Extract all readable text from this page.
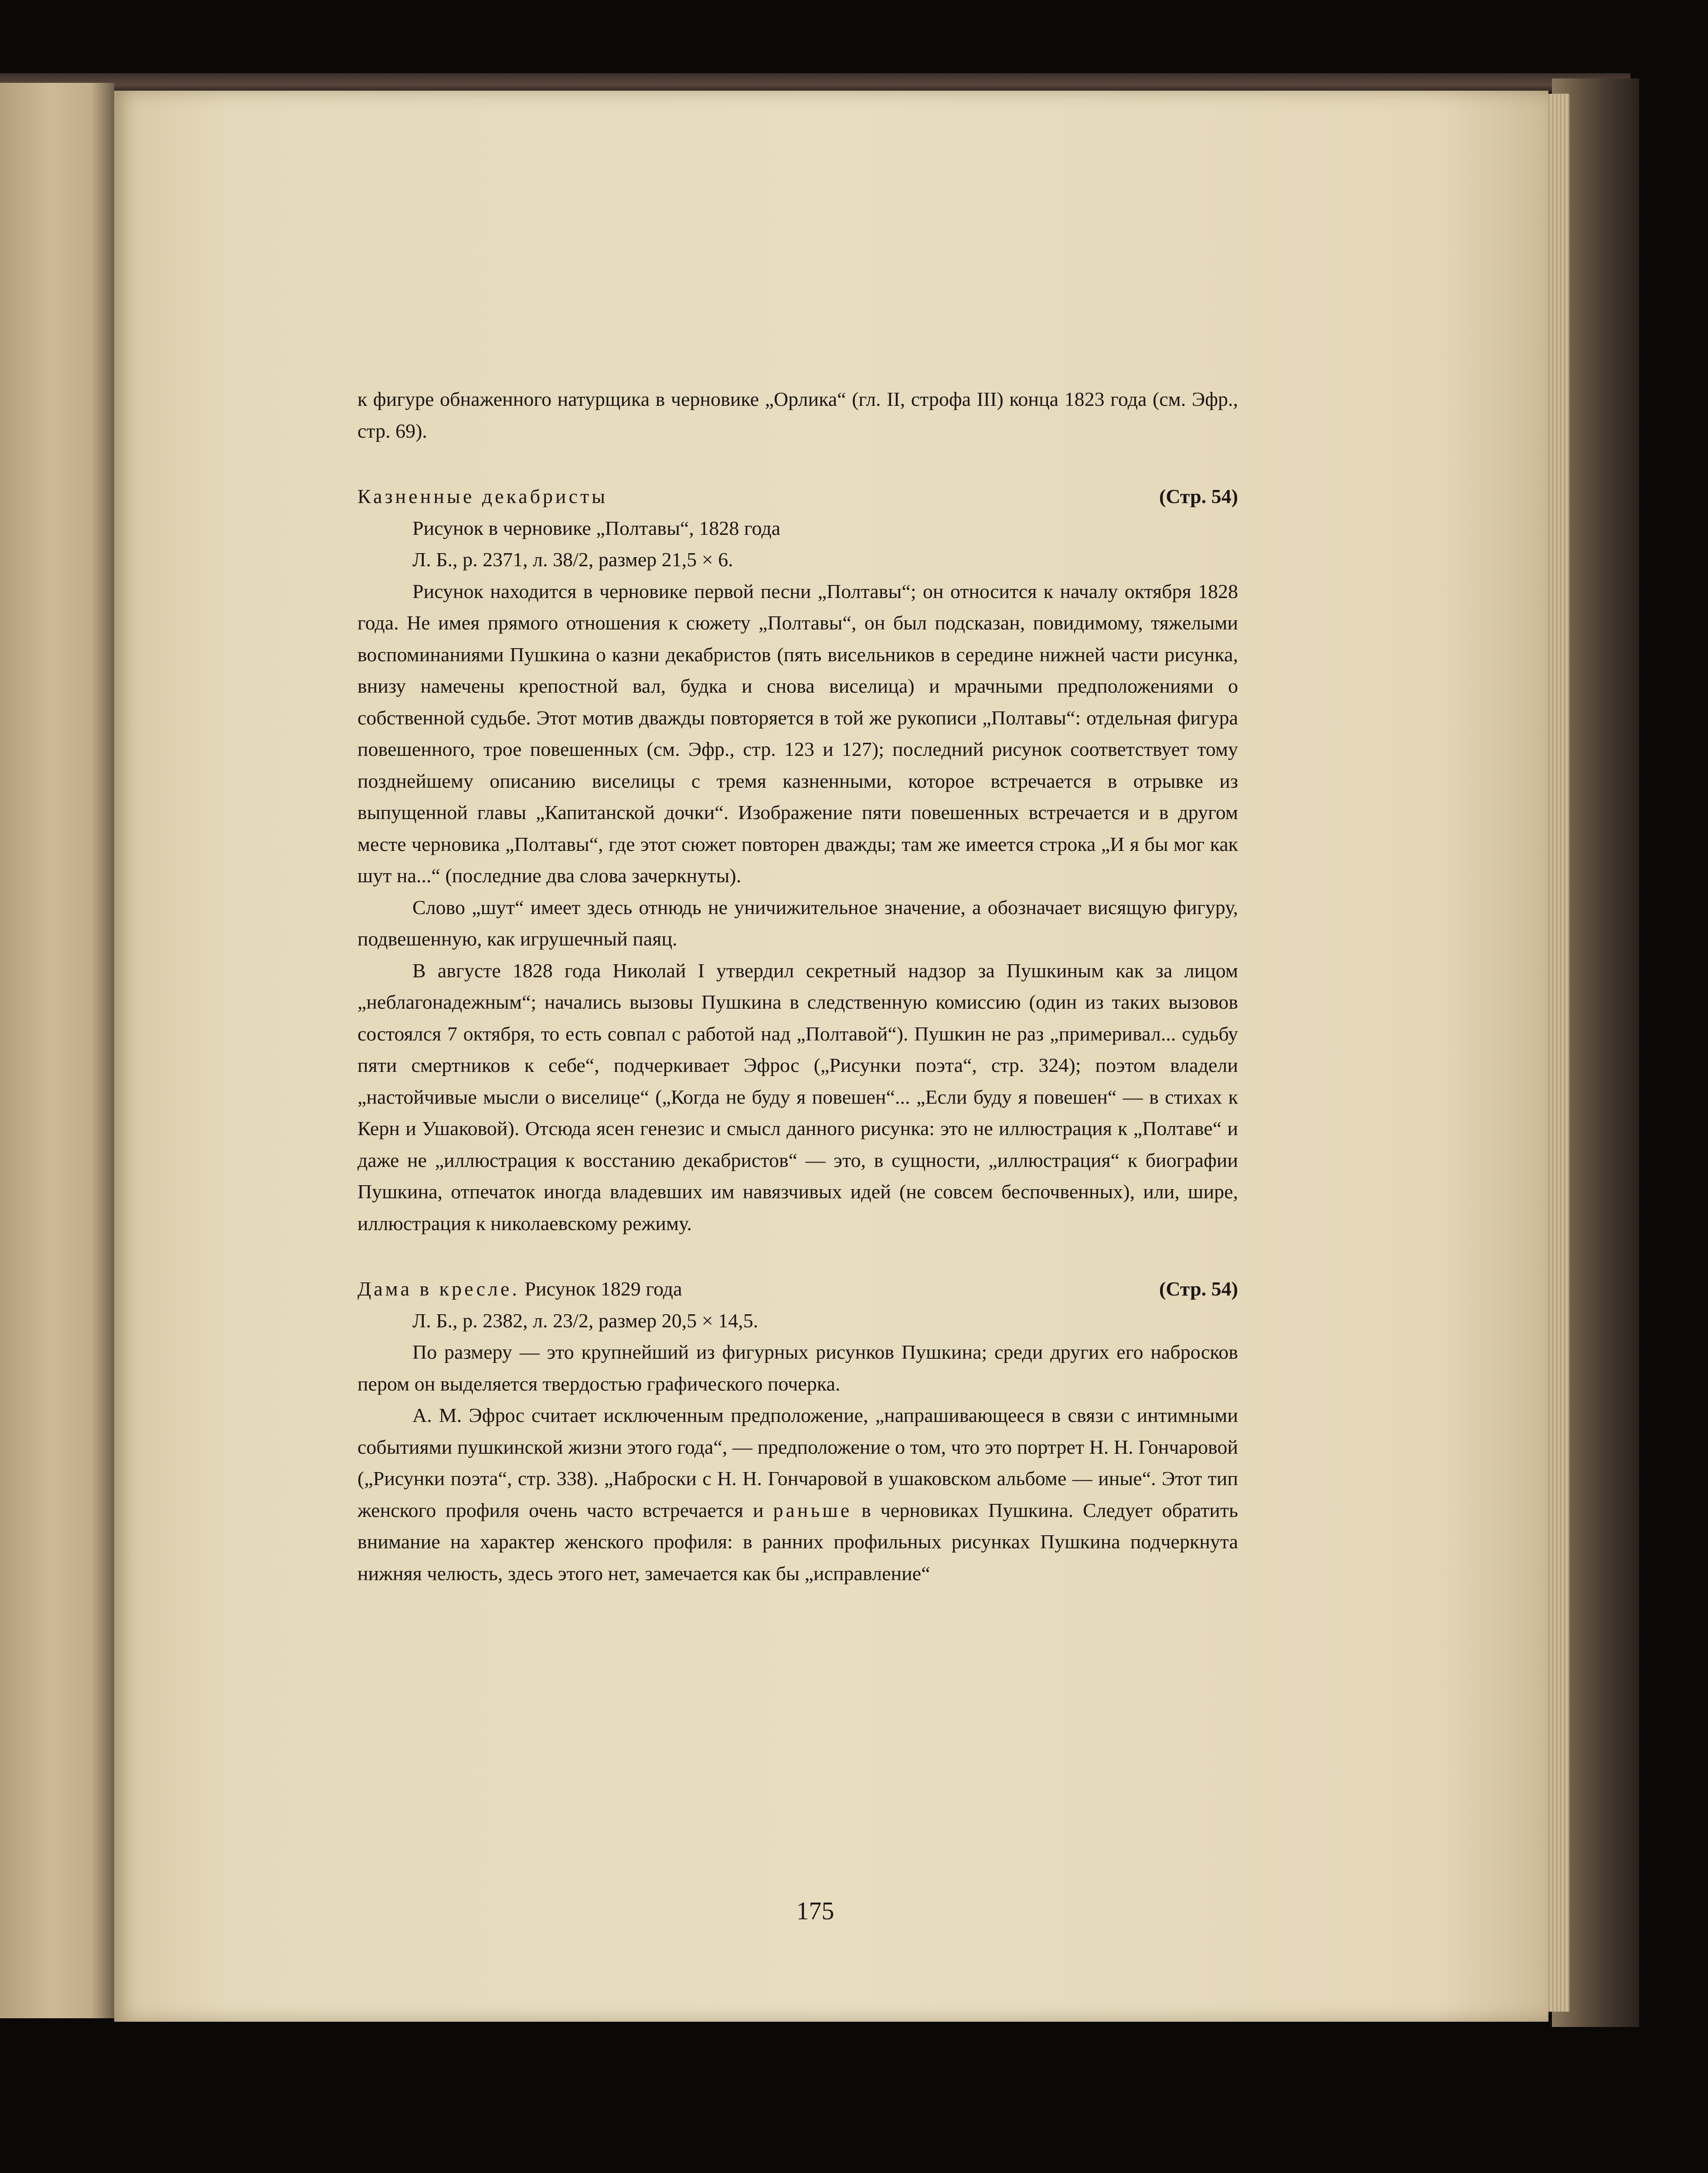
к фигуре обнаженного натурщика в черновике „Орлика“ (гл. II, строфа III) конца 1823 года (см. Эфр., стр. 69).

Казненные декабристы	(Стр. 54)

Рисунок в черновике „Полтавы“, 1828 года

Л. Б., р. 2371, л. 38/2, размер 21,5 × 6.

Рисунок находится в черновике первой песни „Полтавы“; он относится к началу октября 1828 года. Не имея прямого отношения к сюжету „Полтавы“, он был подсказан, повидимому, тяжелыми воспоминаниями Пушкина о казни декабристов (пять висельников в середине нижней части рисунка, внизу намечены крепостной вал, будка и снова виселица) и мрачными предположениями о собственной судьбе. Этот мотив дважды повторяется в той же рукописи „Полтавы“: отдельная фигура повешенного, трое повешенных (см. Эфр., стр. 123 и 127); последний рисунок соответствует тому позднейшему описанию виселицы с тремя казненными, которое встречается в отрывке из выпущенной главы „Капитанской дочки“. Изображение пяти повешенных встречается и в другом месте черновика „Полтавы“, где этот сюжет повторен дважды; там же имеется строка „И я бы мог как шут на...“ (последние два слова зачеркнуты).

Слово „шут“ имеет здесь отнюдь не уничижительное значение, а обозначает висящую фигуру, подвешенную, как игрушечный паяц.

В августе 1828 года Николай I утвердил секретный надзор за Пушкиным как за лицом „неблагонадежным“; начались вызовы Пушкина в следственную комиссию (один из таких вызовов состоялся 7 октября, то есть совпал с работой над „Полтавой“). Пушкин не раз „примеривал... судьбу пяти смертников к себе“, подчеркивает Эфрос („Рисунки поэта“, стр. 324); поэтом владели „настойчивые мысли о виселице“ („Когда не буду я повешен“... „Если буду я повешен“ — в стихах к Керн и Ушаковой). Отсюда ясен генезис и смысл данного рисунка: это не иллюстрация к „Полтаве“ и даже не „иллюстрация к восстанию декабристов“ — это, в сущности, „иллюстрация“ к биографии Пушкина, отпечаток иногда владевших им навязчивых идей (не совсем беспочвенных), или, шире, иллюстрация к николаевскому режиму.

Дама в кресле. Рисунок 1829 года	(Стр. 54)

Л. Б., р. 2382, л. 23/2, размер 20,5 × 14,5.

По размеру — это крупнейший из фигурных рисунков Пушкина; среди других его набросков пером он выделяется твердостью графического почерка.

А. М. Эфрос считает исключенным предположение, „напрашивающееся в связи с интимными событиями пушкинской жизни этого года“, — предположение о том, что это портрет Н. Н. Гончаровой („Рисунки поэта“, стр. 338). „Наброски с Н. Н. Гончаровой в ушаковском альбоме — иные“. Этот тип женского профиля очень часто встречается и раньше в черновиках Пушкина. Следует обратить внимание на характер женского профиля: в ранних профильных рисунках Пушкина подчеркнута нижняя челюсть, здесь этого нет, замечается как бы „исправление“

175
